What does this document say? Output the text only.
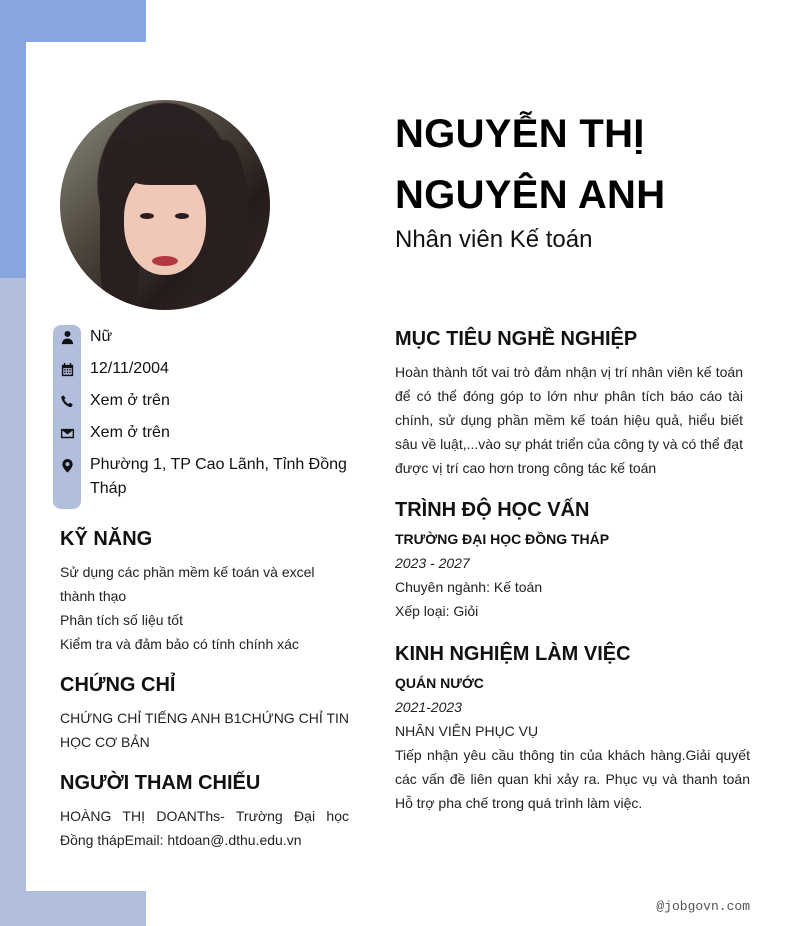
NGUYỄN THỊ
NGUYÊN ANH
Nhân viên Kế toán
Nữ
12/11/2004
Xem ở trên
Xem ở trên
Phường 1, TP Cao Lãnh, Tỉnh Đồng Tháp
KỸ NĂNG
Sử dụng các phần mềm kế toán và excel thành thạo
Phân tích số liệu tốt
Kiểm tra và đảm bảo có tính chính xác
CHỨNG CHỈ
CHỨNG CHỈ TIẾNG ANH B1CHỨNG CHỈ TIN HỌC CƠ BẢN
NGƯỜI THAM CHIẾU
HOÀNG THỊ DOANThs- Trường Đại học Đồng thápEmail: htdoan@.dthu.edu.vn
MỤC TIÊU NGHỀ NGHIỆP
Hoàn thành tốt vai trò đảm nhận vị trí nhân viên kế toán để có thể đóng góp to lớn như phân tích báo cáo tài chính, sử dụng phần mềm kế toán hiệu quả, hiểu biết sâu về luật,...vào sự phát triển của công ty và có thể đạt được vị trí cao hơn trong công tác kế toán
TRÌNH ĐỘ HỌC VẤN
TRƯỜNG ĐẠI HỌC ĐỒNG THÁP
2023 - 2027
Chuyên ngành: Kế toán
Xếp loại: Giỏi
KINH NGHIỆM LÀM VIỆC
QUÁN NƯỚC
2021-2023
NHÂN VIÊN PHỤC VỤ
Tiếp nhận yêu cầu thông tin của khách hàng.Giải quyết các vấn đề liên quan khi xảy ra. Phục vụ và thanh toán Hỗ trợ pha chế trong quá trình làm việc.
@jobgovn.com
